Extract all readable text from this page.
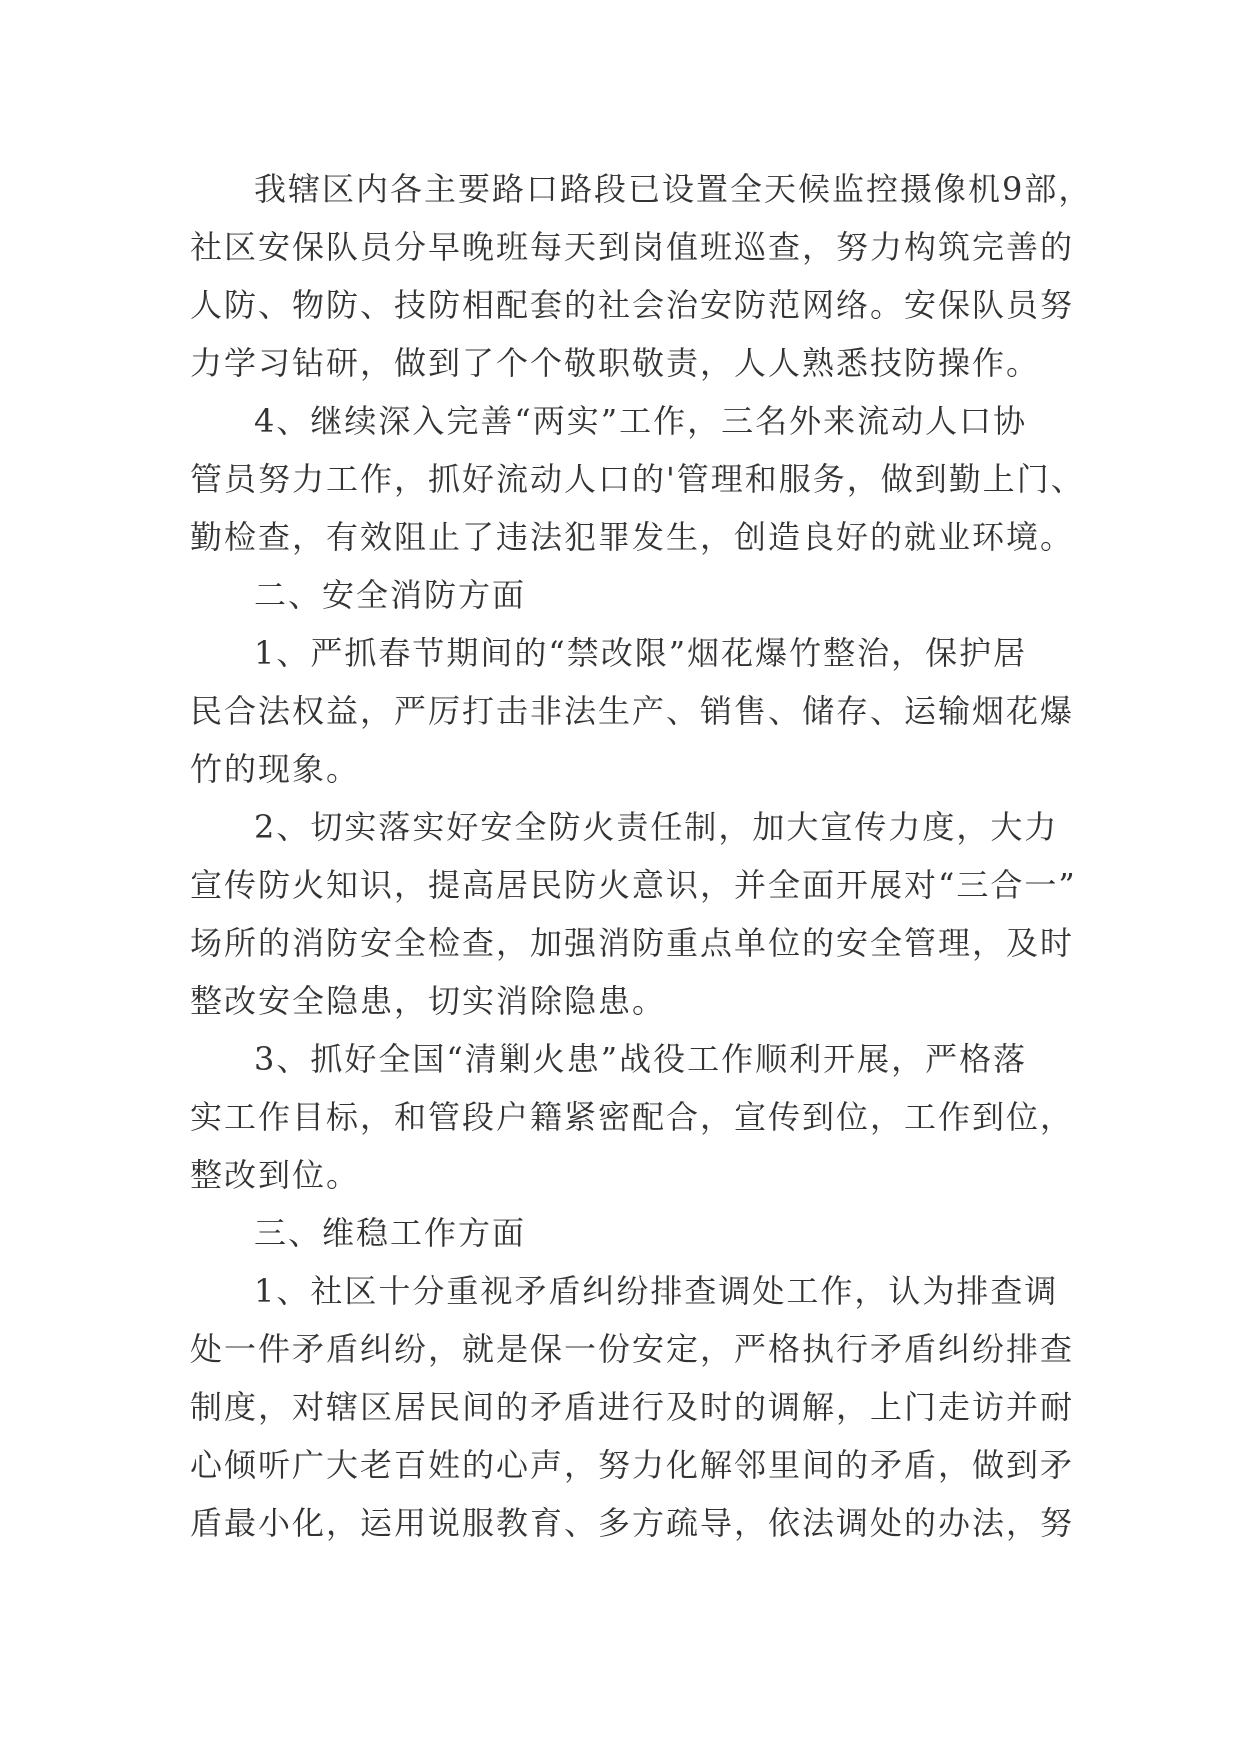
我辖区内各主要路口路段已设置全天候监控摄像机9部，
社区安保队员分早晚班每天到岗值班巡查，努力构筑完善的
人防、物防、技防相配套的社会治安防范网络。安保队员努
力学习钻研，做到了个个敬职敬责，人人熟悉技防操作。
4、继续深入完善“两实”工作，三名外来流动人口协
管员努力工作，抓好流动人口的'管理和服务，做到勤上门、
勤检查，有效阻止了违法犯罪发生，创造良好的就业环境。
二、安全消防方面
1、严抓春节期间的“禁改限”烟花爆竹整治，保护居
民合法权益，严厉打击非法生产、销售、储存、运输烟花爆
竹的现象。
2、切实落实好安全防火责任制，加大宣传力度，大力
宣传防火知识，提高居民防火意识，并全面开展对“三合一”
场所的消防安全检查，加强消防重点单位的安全管理，及时
整改安全隐患，切实消除隐患。
3、抓好全国“清剿火患”战役工作顺利开展，严格落
实工作目标，和管段户籍紧密配合，宣传到位，工作到位，
整改到位。
三、维稳工作方面
1、社区十分重视矛盾纠纷排查调处工作，认为排查调
处一件矛盾纠纷，就是保一份安定，严格执行矛盾纠纷排查
制度，对辖区居民间的矛盾进行及时的调解，上门走访并耐
心倾听广大老百姓的心声，努力化解邻里间的矛盾，做到矛
盾最小化，运用说服教育、多方疏导，依法调处的办法，努
